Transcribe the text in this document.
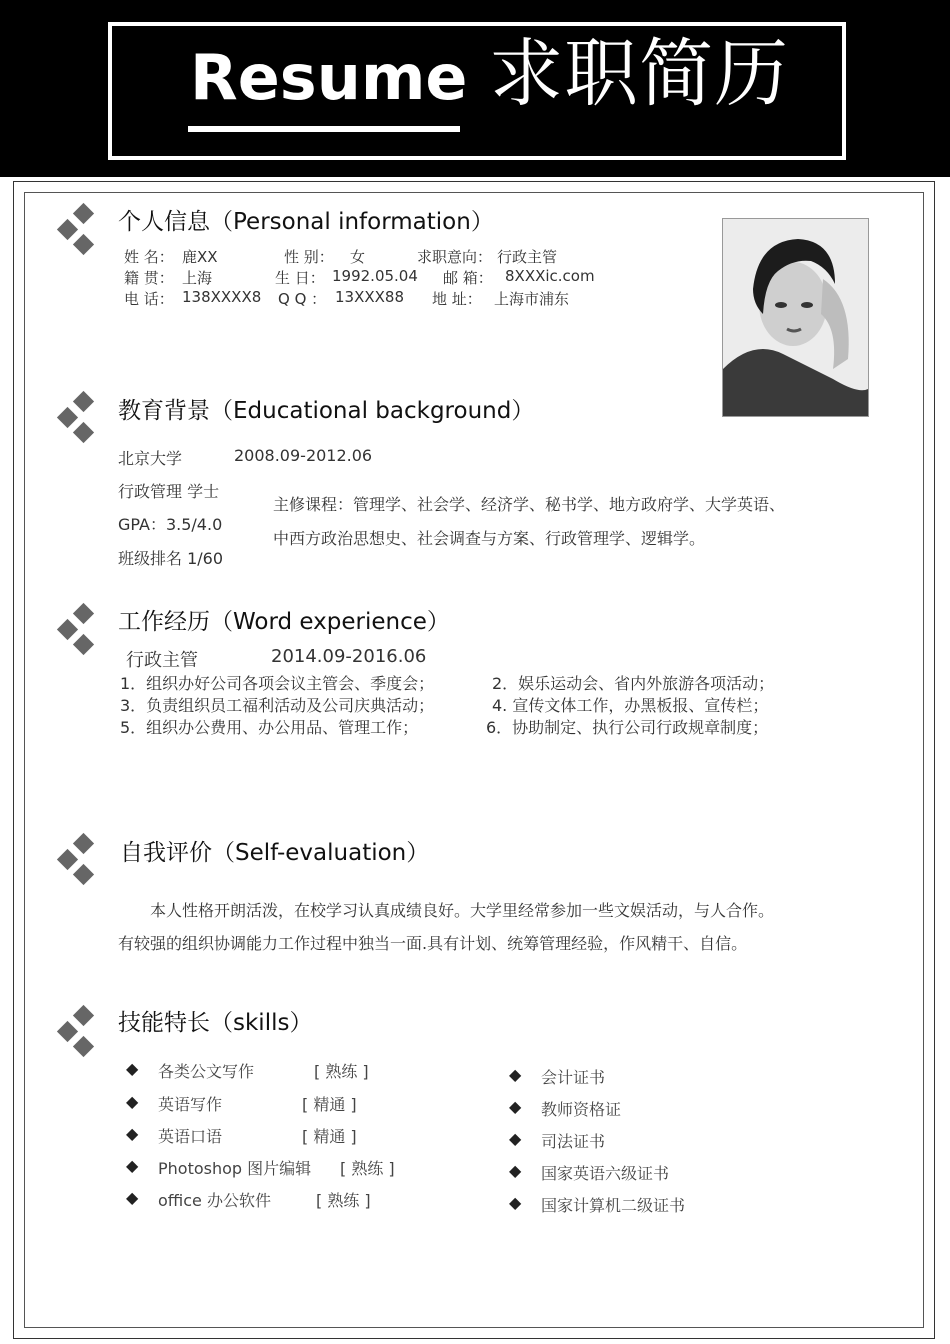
Resume 求职简历
个人信息（Personal information）
姓 名： 鹿XX	性 别： 女	求职意向： 行政主管
籍 贯： 上海	生 日： 1992.05.04 邮 箱： 8XXXic.com
电 话： 138XXXX8 Q Q ： 13XXX88 地 址： 上海市浦东
教育背景（Educational background）
北京大学	2008.09-2012.06
行政管理 学士
GPA：3.5/4.0
班级排名 1/60
主修课程：管理学、社会学、经济学、秘书学、地方政府学、大学英语、
中西方政治思想史、社会调查与方案、行政管理学、逻辑学。
工作经历（Word experience）
行政主管	2014.09-2016.06
1．组织办好公司各项会议主管会、季度会；	2．娱乐运动会、省内外旅游各项活动；
3．负责组织员工福利活动及公司庆典活动；	4. 宣传文体工作，办黑板报、宣传栏；
5．组织办公费用、办公用品、管理工作；	6．协助制定、执行公司行政规章制度；
自我评价（Self-evaluation）
本人性格开朗活泼，在校学习认真成绩良好。大学里经常参加一些文娱活动，与人合作。
有较强的组织协调能力工作过程中独当一面.具有计划、统筹管理经验，作风精干、自信。
技能特长（skills）
◆ 各类公文写作	[ 熟练 ]
◆ 英语写作	[ 精通 ]
◆ 英语口语	[ 精通 ]
◆ Photoshop 图片编辑 [ 熟练 ]
◆ office 办公软件	[ 熟练 ]
◆ 会计证书
◆ 教师资格证
◆ 司法证书
◆ 国家英语六级证书
◆ 国家计算机二级证书
